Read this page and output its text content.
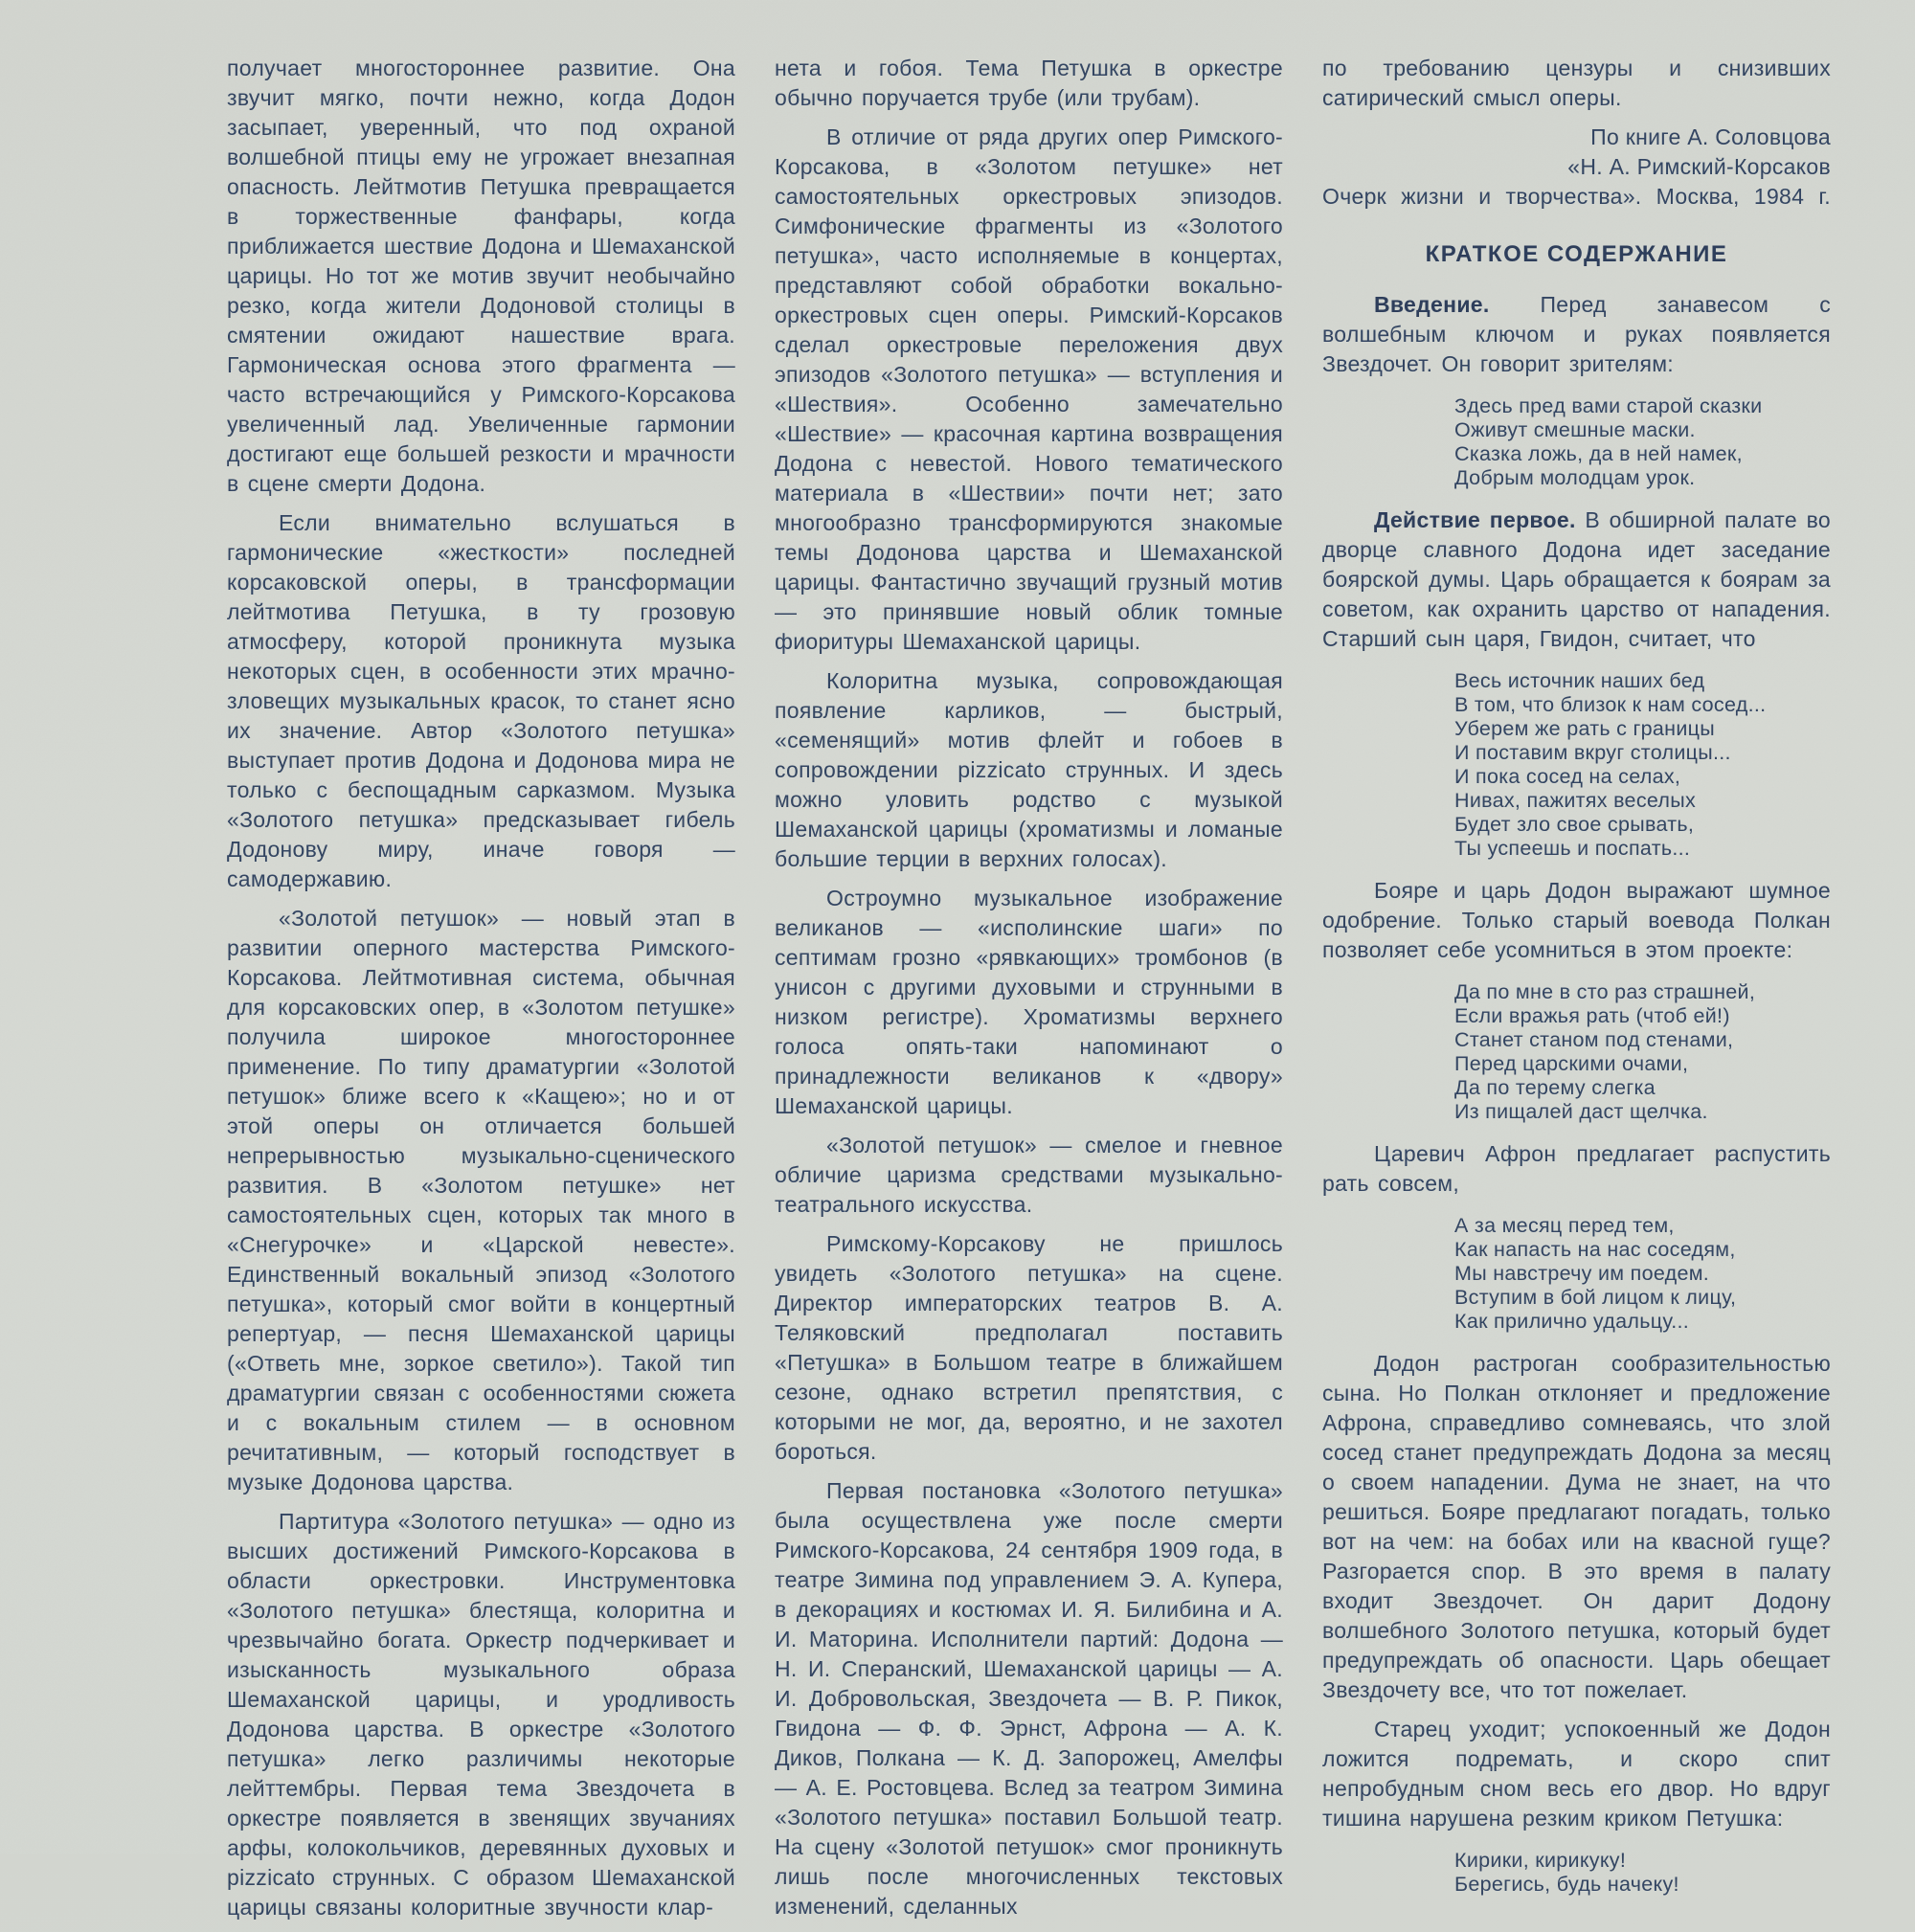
получает многостороннее развитие. Она звучит мягко, почти нежно, когда Додон засыпает, уверенный, что под охраной волшебной птицы ему не угрожает внезапная опасность. Лейтмотив Петушка превращается в торжественные фанфары, когда приближается шествие Додона и Шемаханской царицы. Но тот же мотив звучит необычайно резко, когда жители Додоновой столицы в смятении ожидают нашествие врага. Гармоническая основа этого фрагмента — часто встречающийся у Римского-Корсакова увеличенный лад. Увеличенные гармонии достигают еще большей резкости и мрачности в сцене смерти Додона.

Если внимательно вслушаться в гармонические «жесткости» последней корсаковской оперы, в трансформации лейтмотива Петушка, в ту грозовую атмосферу, которой проникнута музыка некоторых сцен, в особенности этих мрачно-зловещих музыкальных красок, то станет ясно их значение. Автор «Золотого петушка» выступает против Додона и Додонова мира не только с беспощадным сарказмом. Музыка «Золотого петушка» предсказывает гибель Додонову миру, иначе говоря — самодержавию.

«Золотой петушок» — новый этап в развитии оперного мастерства Римского-Корсакова. Лейтмотивная система, обычная для корсаковских опер, в «Золотом петушке» получила широкое многостороннее применение. По типу драматургии «Золотой петушок» ближе всего к «Кащею»; но и от этой оперы он отличается большей непрерывностью музыкально-сценического развития. В «Золотом петушке» нет самостоятельных сцен, которых так много в «Снегурочке» и «Царской невесте». Единственный вокальный эпизод «Золотого петушка», который смог войти в концертный репертуар, — песня Шемаханской царицы («Ответь мне, зоркое светило»). Такой тип драматургии связан с особенностями сюжета и с вокальным стилем — в основном речитативным, — который господствует в музыке Додонова царства.

Партитура «Золотого петушка» — одно из высших достижений Римского-Корсакова в области оркестровки. Инструментовка «Золотого петушка» блестяща, колоритна и чрезвычайно богата. Оркестр подчеркивает и изысканность музыкального образа Шемаханской царицы, и уродливость Додонова царства. В оркестре «Золотого петушка» легко различимы некоторые лейттембры. Первая тема Звездочета в оркестре появляется в звенящих звучаниях арфы, колокольчиков, деревянных духовых и pizzicato струнных. С образом Шемаханской царицы связаны колоритные звучности клар-

нета и гобоя. Тема Петушка в оркестре обычно поручается трубе (или трубам).

В отличие от ряда других опер Римского-Корсакова, в «Золотом петушке» нет самостоятельных оркестровых эпизодов. Симфонические фрагменты из «Золотого петушка», часто исполняемые в концертах, представляют собой обработки вокально-оркестровых сцен оперы. Римский-Корсаков сделал оркестровые переложения двух эпизодов «Золотого петушка» — вступления и «Шествия». Особенно замечательно «Шествие» — красочная картина возвращения Додона с невестой. Нового тематического материала в «Шествии» почти нет; зато многообразно трансформируются знакомые темы Додонова царства и Шемаханской царицы. Фантастично звучащий грузный мотив — это принявшие новый облик томные фиоритуры Шемаханской царицы.

Колоритна музыка, сопровождающая появление карликов, — быстрый, «семенящий» мотив флейт и гобоев в сопровождении pizzicato струнных. И здесь можно уловить родство с музыкой Шемаханской царицы (хроматизмы и ломаные большие терции в верхних голосах).

Остроумно музыкальное изображение великанов — «исполинские шаги» по септимам грозно «рявкающих» тромбонов (в унисон с другими духовыми и струнными в низком регистре). Хроматизмы верхнего голоса опять-таки напоминают о принадлежности великанов к «двору» Шемаханской царицы.

«Золотой петушок» — смелое и гневное обличие царизма средствами музыкально-театрального искусства.

Римскому-Корсакову не пришлось увидеть «Золотого петушка» на сцене. Директор императорских театров В. А. Теляковский предполагал поставить «Петушка» в Большом театре в ближайшем сезоне, однако встретил препятствия, с которыми не мог, да, вероятно, и не захотел бороться.

Первая постановка «Золотого петушка» была осуществлена уже после смерти Римского-Корсакова, 24 сентября 1909 года, в театре Зимина под управлением Э. А. Купера, в декорациях и костюмах И. Я. Билибина и А. И. Маторина. Исполнители партий: Додона — Н. И. Сперанский, Шемаханской царицы — А. И. Добровольская, Звездочета — В. Р. Пикок, Гвидона — Ф. Ф. Эрнст, Афрона — А. К. Диков, Полкана — К. Д. Запорожец, Амелфы — А. Е. Ростовцева. Вслед за театром Зимина «Золотого петушка» поставил Большой театр. На сцену «Золотой петушок» смог проникнуть лишь после многочисленных текстовых изменений, сделанных

по требованию цензуры и снизивших сатирический смысл оперы.

По книге А. Соловцова

«Н. А. Римский-Корсаков

Очерк жизни и творчества». Москва, 1984 г.

КРАТКОЕ СОДЕРЖАНИЕ

Введение. Перед занавесом с волшебным ключом и руках появляется Звездочет. Он говорит зрителям:

Здесь пред вами старой сказки
Оживут смешные маски.
Сказка ложь, да в ней намек,
Добрым молодцам урок.

Действие первое. В обширной палате во дворце славного Додона идет заседание боярской думы. Царь обращается к боярам за советом, как охранить царство от нападения. Старший сын царя, Гвидон, считает, что

Весь источник наших бед
В том, что близок к нам сосед...
Уберем же рать с границы
И поставим вкруг столицы...
И пока сосед на селах,
Нивах, пажитях веселых
Будет зло свое срывать,
Ты успеешь и поспать...

Бояре и царь Додон выражают шумное одобрение. Только старый воевода Полкан позволяет себе усомниться в этом проекте:

Да по мне в сто раз страшней,
Если вражья рать (чтоб ей!)
Станет станом под стенами,
Перед царскими очами,
Да по терему слегка
Из пищалей даст щелчка.

Царевич Афрон предлагает распустить рать совсем,

А за месяц перед тем,
Как напасть на нас соседям,
Мы навстречу им поедем.
Вступим в бой лицом к лицу,
Как прилично удальцу...

Додон растроган сообразительностью сына. Но Полкан отклоняет и предложение Афрона, справедливо сомневаясь, что злой сосед станет предупреждать Додона за месяц о своем нападении. Дума не знает, на что решиться. Бояре предлагают погадать, только вот на чем: на бобах или на квасной гуще? Разгорается спор. В это время в палату входит Звездочет. Он дарит Додону волшебного Золотого петушка, который будет предупреждать об опасности. Царь обещает Звездочету все, что тот пожелает.

Старец уходит; успокоенный же Додон ложится подремать, и скоро спит непробудным сном весь его двор. Но вдруг тишина нарушена резким криком Петушка:

Кирики, кирикуку!
Берегись, будь начеку!
